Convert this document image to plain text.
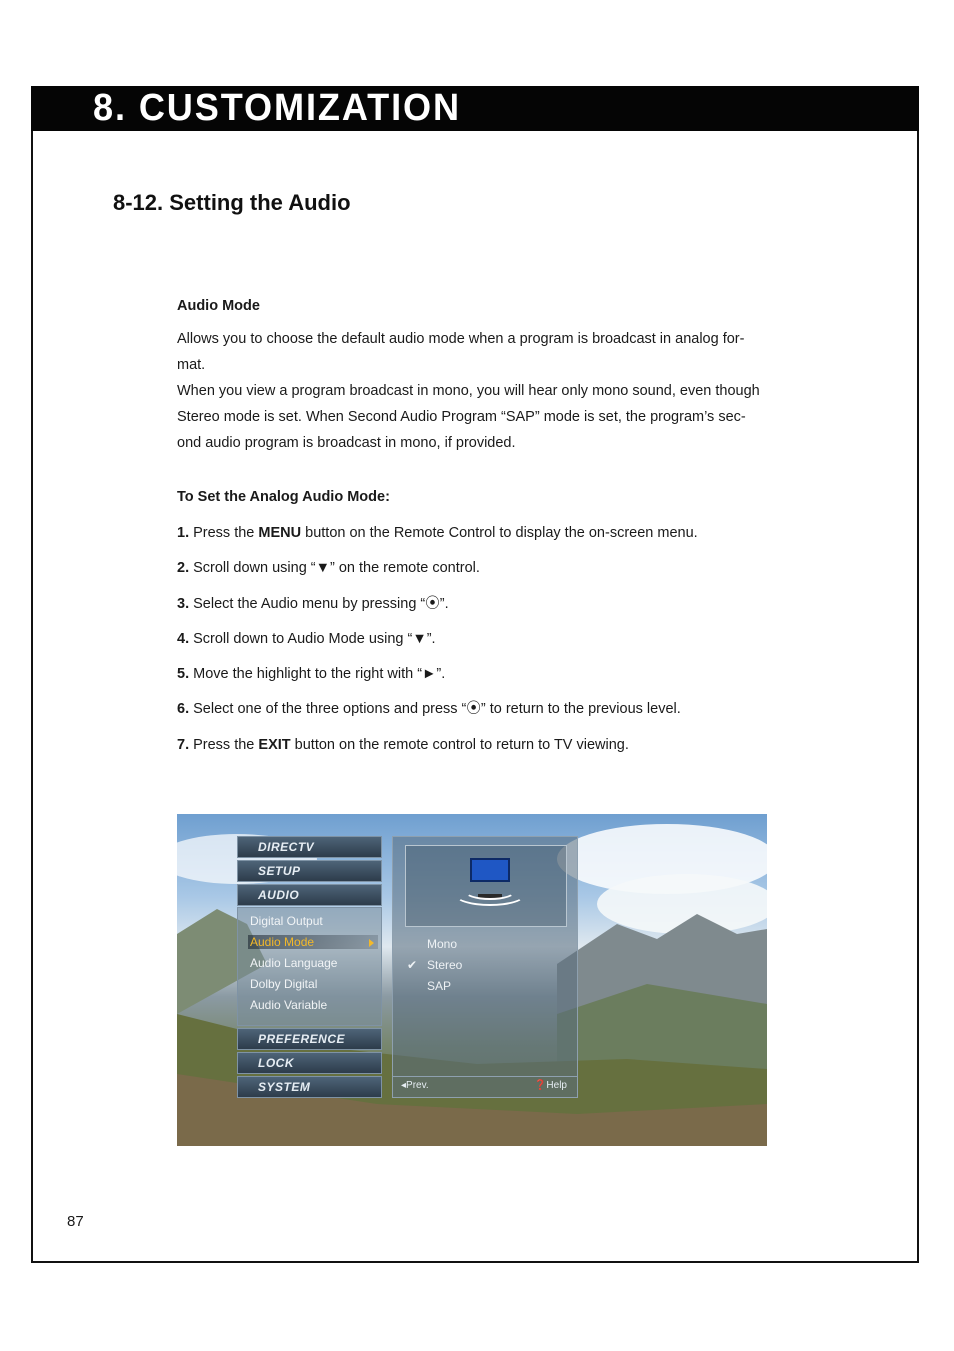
8. CUSTOMIZATION
8-12. Setting the Audio
Audio Mode

Allows you to choose the default audio mode when a program is broadcast in analog for-

mat.

When you view a program broadcast in mono, you will hear only mono sound, even though

Stereo mode is set. When Second Audio Program “SAP” mode is set, the program’s sec-

ond audio program is broadcast in mono, if provided.

To Set the Analog Audio Mode:
1. Press the MENU button on the Remote Control to display the on-screen menu.
2. Scroll down using “▼” on the remote control.
3. Select the Audio menu by pressing “⦿”.
4. Scroll down to Audio Mode using “▼”.
5. Move the highlight to the right with “►”.
6. Select one of the three options and press “⦿” to return to the previous level.
7. Press the EXIT button on the remote control to return to TV viewing.
DIRECTV
SETUP
AUDIO
Digital Output
Audio Mode
Audio Language
Dolby Digital
Audio Variable
PREFERENCE
LOCK
SYSTEM
Mono
✔ Stereo
SAP
◂Prev.	❓Help
87
